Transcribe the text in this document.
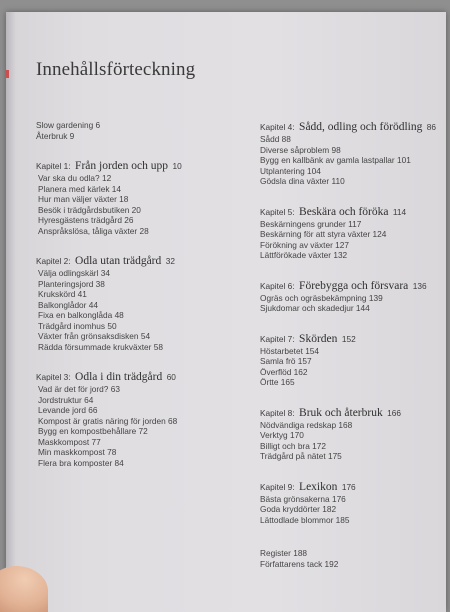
Innehållsförteckning
Slow gardening 6
Återbruk 9

Kapitel 1: Från jorden och upp 10

Var ska du odla? 12
Planera med kärlek 14
Hur man väljer växter 18
Besök i trädgårdsbutiken 20
Hyresgästens trädgård 26
Anspråkslösa, tåliga växter 28

Kapitel 2: Odla utan trädgård 32

Välja odlingskärl 34
Planteringsjord 38
Krukskörd 41
Balkonglådor 44
Fixa en balkonglåda 48
Trädgård inomhus 50
Växter från grönsaksdisken 54
Rädda försummade krukväxter 58

Kapitel 3: Odla i din trädgård 60

Vad är det för jord? 63
Jordstruktur 64
Levande jord 66
Kompost är gratis näring för jorden 68
Bygg en kompostbehållare 72
Maskkompost 77
Min maskkompost 78
Flera bra komposter 84

Kapitel 4: Sådd, odling och förödling 86

Sådd 88
Diverse såproblem 98
Bygg en kallbänk av gamla lastpallar 101
Utplantering 104
Gödsla dina växter 110

Kapitel 5: Beskära och föröka 114

Beskärningens grunder 117
Beskärning för att styra växter 124
Förökning av växter 127
Lättförökade växter 132

Kapitel 6: Förebygga och försvara 136

Ogräs och ogräsbekämpning 139
Sjukdomar och skadedjur 144

Kapitel 7: Skörden 152

Höstarbetet 154
Samla frö 157
Överflöd 162
Örtte 165

Kapitel 8: Bruk och återbruk 166

Nödvändiga redskap 168
Verktyg 170
Billigt och bra 172
Trädgård på nätet 175

Kapitel 9: Lexikon 176

Bästa grönsakerna 176
Goda kryddörter 182
Lättodlade blommor 185
Register 188
Författarens tack 192
